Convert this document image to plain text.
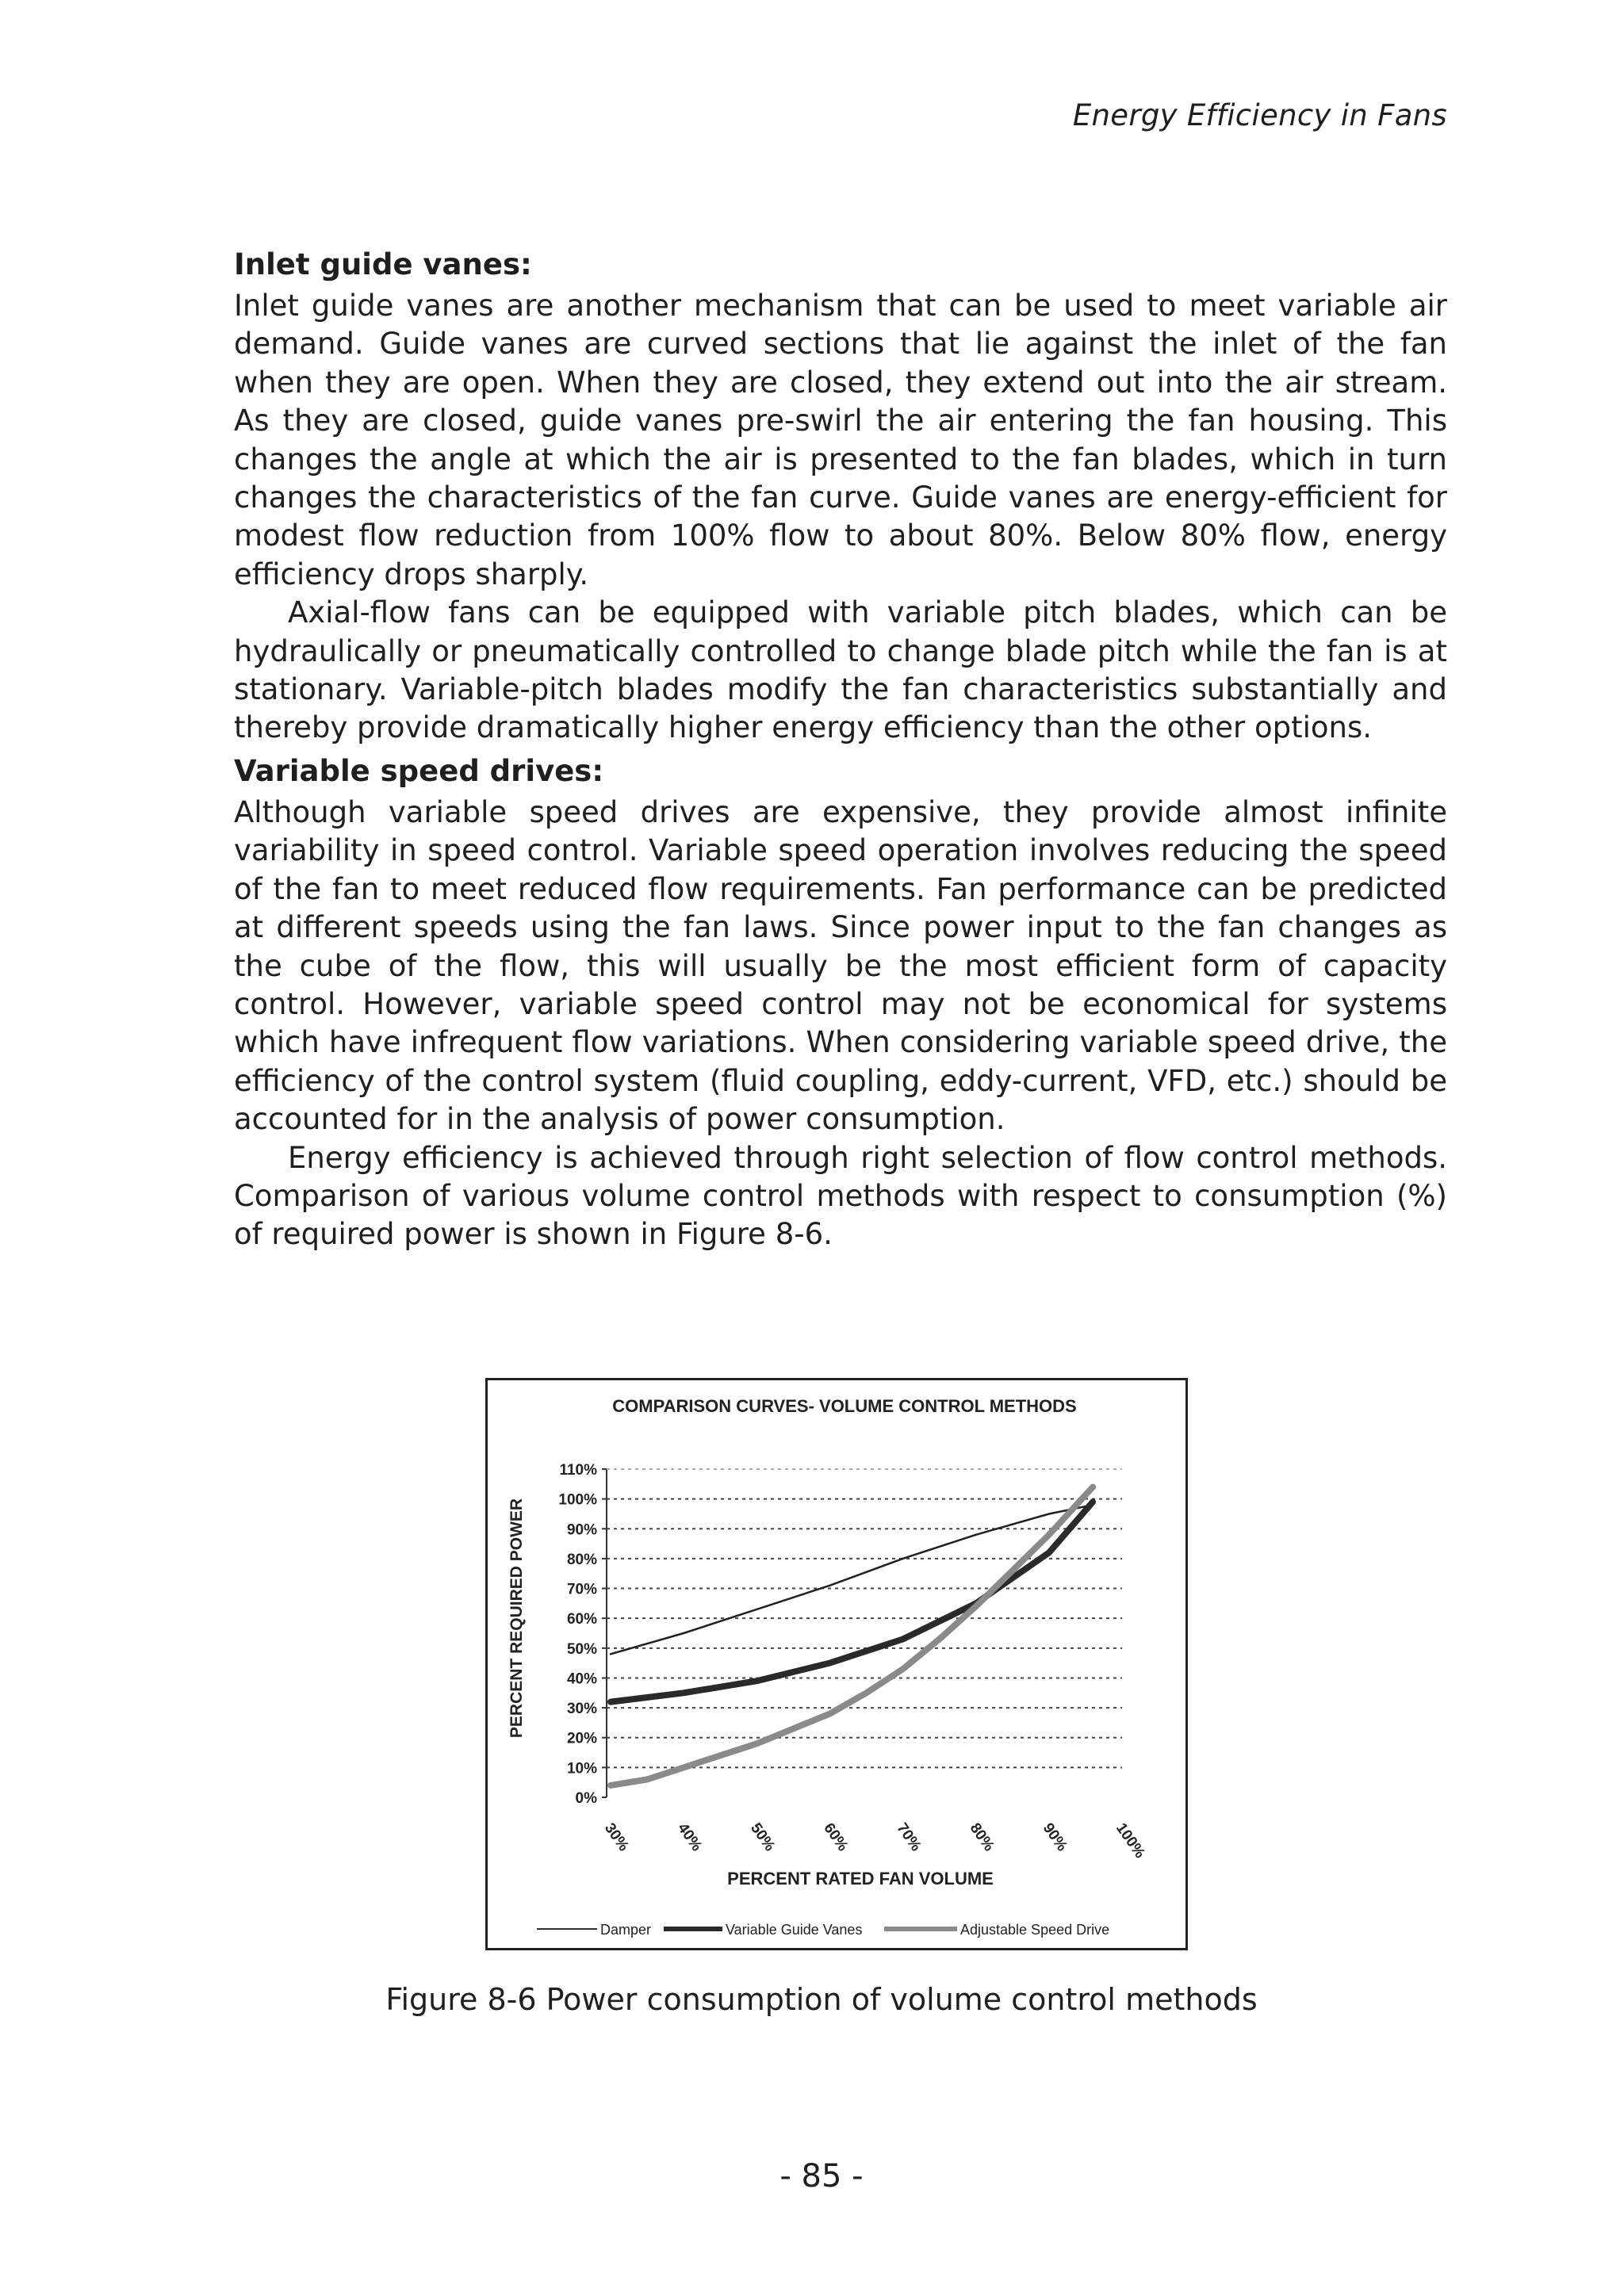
Energy Efficiency in Fans
Inlet guide vanes:

Inlet guide vanes are another mechanism that can be used to meet variable air demand. Guide vanes are curved sections that lie against the inlet of the fan when they are open. When they are closed, they extend out into the air stream. As they are closed, guide vanes pre-swirl the air entering the fan housing. This changes the angle at which the air is presented to the fan blades, which in turn changes the characteristics of the fan curve. Guide vanes are energy-efficient for modest flow reduction from 100% flow to about 80%. Below 80% flow, energy efficiency drops sharply.

Axial-flow fans can be equipped with variable pitch blades, which can be hydraulically or pneumatically controlled to change blade pitch while the fan is at stationary. Variable-pitch blades modify the fan characteristics substantially and thereby provide dramatically higher energy efficiency than the other options.

Variable speed drives:

Although variable speed drives are expensive, they provide almost infinite variability in speed control. Variable speed operation involves reducing the speed of the fan to meet reduced flow requirements. Fan performance can be predicted at different speeds using the fan laws. Since power input to the fan changes as the cube of the flow, this will usually be the most efficient form of capacity control. However, variable speed control may not be economical for systems which have infrequent flow variations. When considering variable speed drive, the efficiency of the control system (fluid coupling, eddy-current, VFD, etc.) should be accounted for in the analysis of power consumption.

Energy efficiency is achieved through right selection of flow control methods. Comparison of various volume control methods with respect to consumption (%) of required power is shown in Figure 8-6.

COMPARISON CURVES- VOLUME CONTROL METHODS
PERCENT REQUIRED POWER
PERCENT RATED FAN VOLUME
0%
10%
20%
30%
40%
50%
60%
70%
80%
90%
100%
110%
30%	40%	50%	60%	70%	80%	90%	100%
Damper	Variable Guide Vanes	Adjustable Speed Drive
Figure 8-6 Power consumption of volume control methods
- 85 -
